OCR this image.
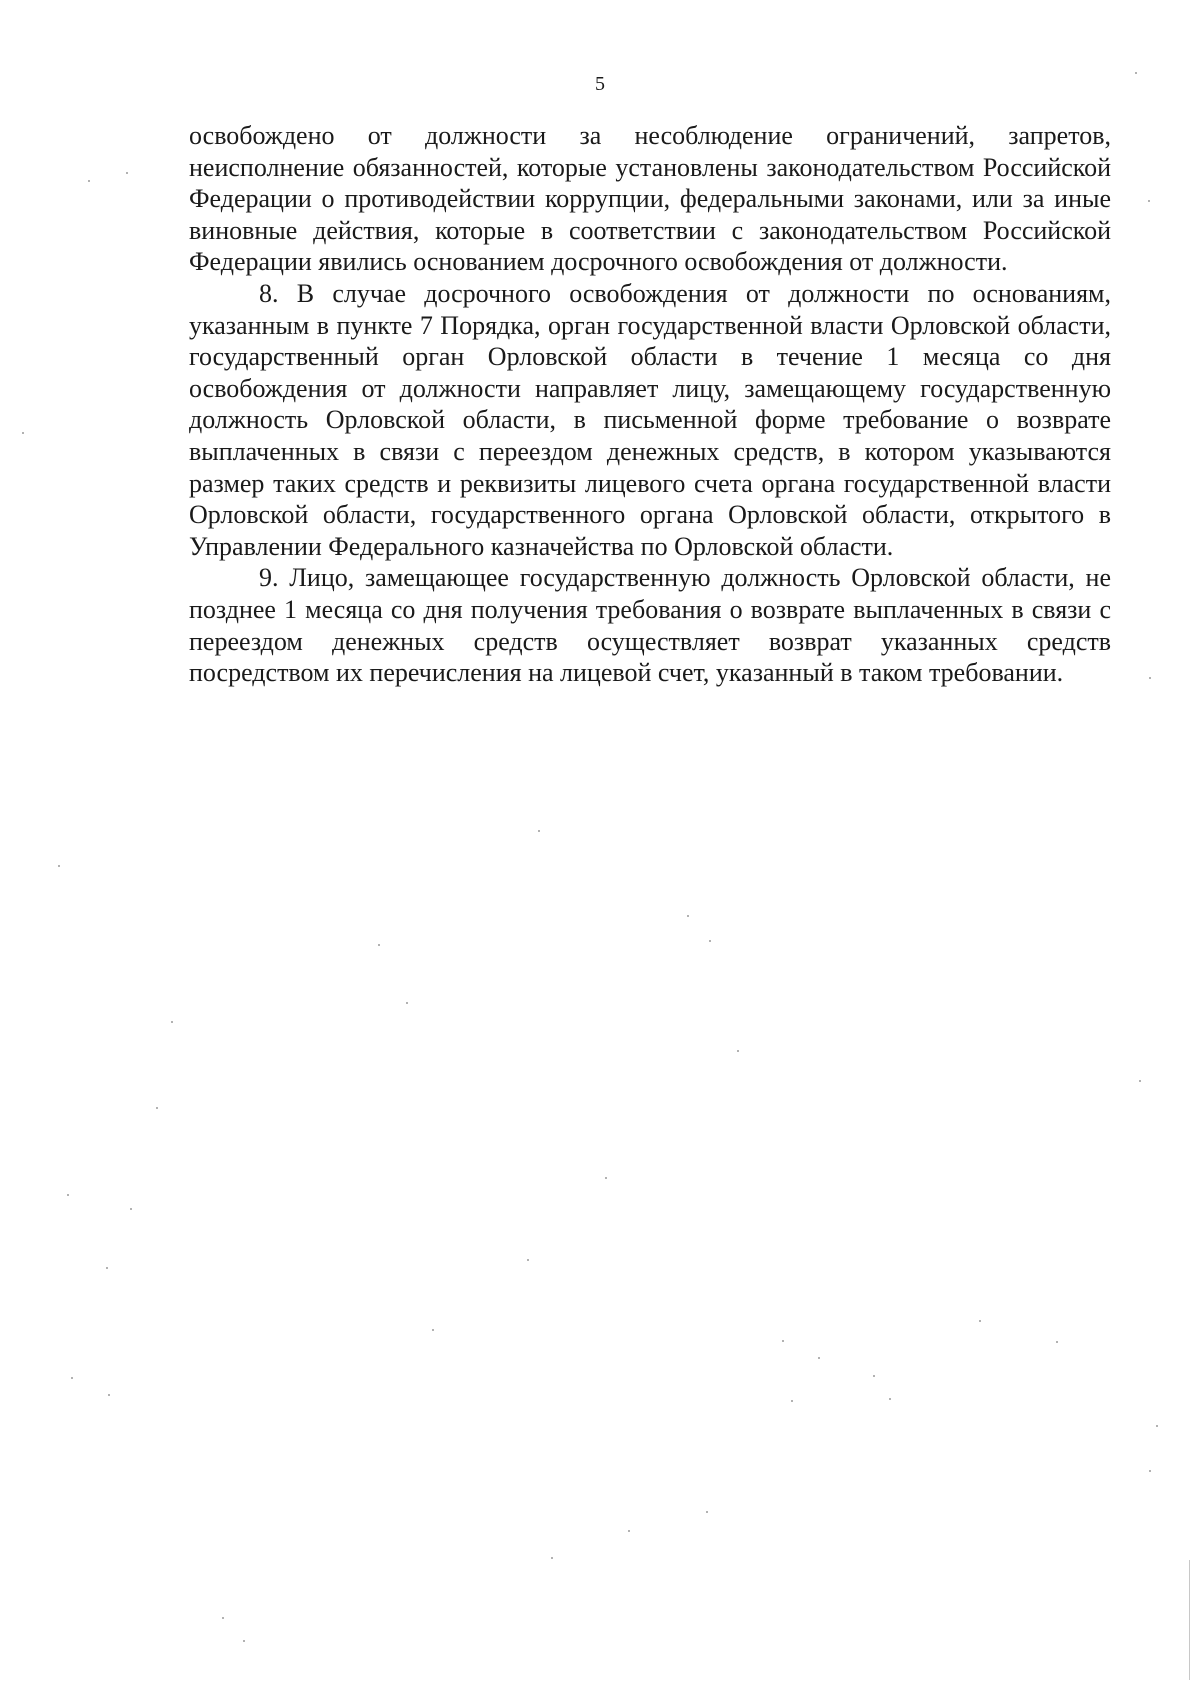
5

освобождено от должности за несоблюдение ограничений, запретов, неисполнение обязанностей, которые установлены законодательством Российской Федерации о противодействии коррупции, федеральными законами, или за иные виновные действия, которые в соответствии с законодательством Российской Федерации явились основанием досрочного освобождения от должности.

8. В случае досрочного освобождения от должности по основаниям, указанным в пункте 7 Порядка, орган государственной власти Орловской области, государственный орган Орловской области в течение 1 месяца со дня освобождения от должности направляет лицу, замещающему государственную должность Орловской области, в письменной форме требование о возврате выплаченных в связи с переездом денежных средств, в котором указываются размер таких средств и реквизиты лицевого счета органа государственной власти Орловской области, государственного органа Орловской области, открытого в Управлении Федерального казначейства по Орловской области.

9. Лицо, замещающее государственную должность Орловской области, не позднее 1 месяца со дня получения требования о возврате выплаченных в связи с переездом денежных средств осуществляет возврат указанных средств посредством их перечисления на лицевой счет, указанный в таком требовании.
